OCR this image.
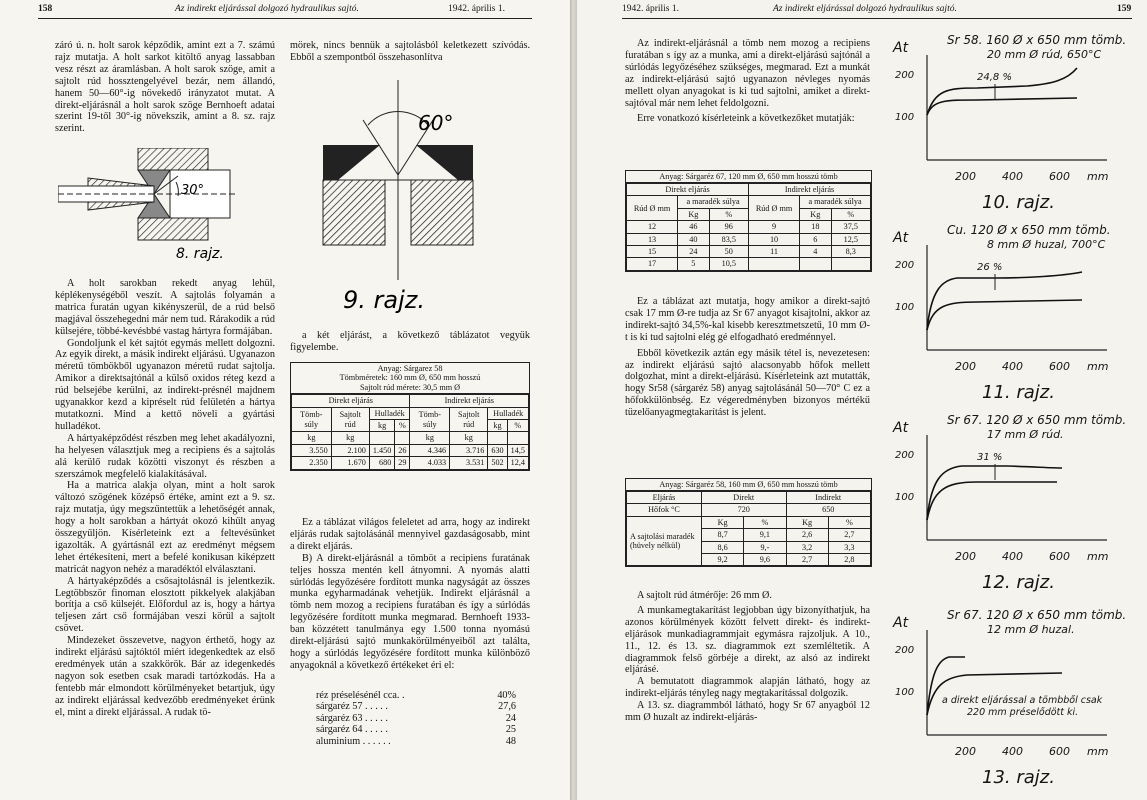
158	Az indirekt eljárással dolgozó hydraulikus sajtó.	1942. április 1.

záró ú. n. holt sarok képződik, amint ezt a 7. számú rajz mutatja. A holt sarkot kitöltő anyag lassabban vesz részt az áramlásban. A holt sarok szöge, amit a sajtolt rúd hossztengelyével bezár, nem állandó, hanem 50—60°-ig növekedő irányzatot mutat. A direkt-eljárásnál a holt sarok szöge Bernhoeft adatai szerint 19-től 30°-ig növekszik, amint a 8. sz. rajz szerint.

30°
8. rajz.

A holt sarokban rekedt anyag lehül, képlékenységéből veszít. A sajtolás folyamán a matrica furatán ugyan kikényszerül, de a rúd belső magjával összehegedni már nem tud. Rárakodik a rúd külsejére, többé-kevésbbé vastag hártyra formájában.

Gondoljunk el két sajtót egymás mellett dolgozni. Az egyik direkt, a másik indirekt eljárású. Ugyanazon méretű tömbökből ugyanazon méretű rudat sajtolja. Amikor a direktsajtónál a külső oxidos réteg kezd a rúd belsejébe kerülni, az indirekt-présnél majdnem ugyanakkor kezd a kipréselt rúd felületén a hártya mutatkozni. Mind a kettő növeli a gyártási hulladékot.

A hártyaképződést részben meg lehet akadályozni, ha helyesen választjuk meg a recipiens és a sajtolás alá kerülő rudak közötti viszonyt és részben a szerszámok megfelelő kialakításával.

Ha a matrica alakja olyan, mint a holt sarok változó szögének középső értéke, amint ezt a 9. sz. rajz mutatja, úgy megszűntettük a lehetőségét annak, hogy a holt sarokban a hártyát okozó kihűlt anyag összegyűljön. Kísérleteink ezt a feltevésünket igazolták. A gyártásnál ezt az eredményt mégsem lehet értékesíteni, mert a befelé konikusan kiképzett matricát nagyon nehéz a maradéktól elválasztani.

A hártyaképződés a csősajtolásnál is jelentkezik. Legtöbbször finoman elosztott pikkelyek alakjában borítja a cső külsejét. Előfordul az is, hogy a hártya teljesen zárt cső formájában veszi körül a sajtolt csövet.

Mindezeket összevetve, nagyon érthető, hogy az indirekt eljárású sajtóktól miért idegenkedtek az első eredmények után a szakkörök. Bár az idegenkedés nagyon sok esetben csak maradi tartózkodás. Ha a fentebb már elmondott körülményeket betartjuk, úgy az indirekt eljárással kedvezőbb eredményeket érünk el, mint a direkt eljárással. A rudak tö-

mörek, nincs bennük a sajtolásból keletkezett szívódás. Ebből a szempontból összehasonlítva

60°
9. rajz.

a két eljárást, a következő táblázatot vegyük figyelembe.

Anyag: Sárgarez 58
Tömbméretek: 160 mm Ø, 650 mm hosszú
Sajtolt rúd mérete: 30,5 mm Ø
Direkt eljárás				Indirekt eljárás			
Tömb-súly	Sajtolt rúd	Hulladék		Tömb-súly	Sajtolt rúd	Hulladék	
		kg	%			kg	%
kg	kg			kg	kg		
3.550	2.100	1.450	26	4.346	3.716	630	14,5
2.350	1.670	680	29	4.033	3.531	502	12,4

Ez a táblázat világos feleletet ad arra, hogy az indirekt eljárás rudak sajtolásánál mennyivel gazdaságosabb, mint a direkt eljárás.

B) A direkt-eljárásnál a tömböt a recipiens furatának teljes hossza mentén kell átnyomni. A nyomás alatti súrlódás legyőzésére fordított munka nagyságát az összes munka egyharmadának vehetjük. Indirekt eljárásnál a tömb nem mozog a recipiens furatában és így a súrlódás legyőzésére fordított munka megmarad. Bernhoeft 1933-ban közzétett tanulmánya egy 1.500 tonna nyomású direkt-eljárású sajtó munkakörülményeiből azt találta, hogy a súrlódás legyőzésére fordított munka különböző anyagoknál a következő értékeket éri el:

réz préselésénél cca. .	40%
sárgaréz 57 . . . . .	27,6
sárgaréz 63 . . . . .	24
sárgaréz 64 . . . . .	25
aluminium . . . . . .	48
1942. április 1.	Az indirekt eljárással dolgozó hydraulikus sajtó.	159

Az indirekt-eljárásnál a tömb nem mozog a recipiens furatában s így az a munka, ami a direkt-eljárású sajtónál a súrlódás legyőzéséhez szükséges, megmarad. Ezt a munkát az indirekt-eljárású sajtó ugyanazon névleges nyomás mellett olyan anyagokat is ki tud sajtolni, amiket a direkt-sajtóval már nem lehet feldolgozni.

Erre vonatkozó kísérleteink a következőket mutatják:

Anyag: Sárgaréz 67, 120 mm Ø, 650 mm hosszú tömb
Direkt eljárás			Indirekt eljárás		
Rúd Ø mm	a maradék súlya		Rúd Ø mm	a maradék súlya	
	Kg	%		Kg	%
12	46	96	9	18	37,5
13	40	83,5	10	6	12,5
15	24	50	11	4	8,3
17	5	10,5			

Ez a táblázat azt mutatja, hogy amikor a direkt-sajtó csak 17 mm Ø-re tudja az Sr 67 anyagot kisajtolni, akkor az indirekt-sajtó 34,5%-kal kisebb keresztmetszetű, 10 mm Ø-t is ki tud sajtolni elég gé elfogadható eredménnyel.

Ebből következik aztán egy másik tétel is, nevezetesen: az indirekt eljárású sajtó alacsonyabb hőfok mellett dolgozhat, mint a direkt-eljárású. Kísérleteink azt mutatták, hogy Sr58 (sárgaréz 58) anyag sajtolásánál 50—70° C ez a hőfokkülönbség. Ez végeredményben bizonyos mértékű tüzelőanyagmegtakarítást is jelent.

Anyag: Sárgaréz 58, 160 mm Ø, 650 mm hosszú tömb
Eljárás	Direkt		Indirekt	
Hőfok °C	720		650	
A sajtolási maradék (hüvely nélkül)	Kg	%	Kg	%
	8,7	9,1	2,6	2,7
	8,6	9,-	3,2	3,3
	9,2	9,6	2,7	2,8

A sajtolt rúd átmérője: 26 mm Ø.

A munkamegtakarítást legjobban úgy bizonyíthatjuk, ha azonos körülmények között felvett direkt- és indirekt-eljárások munkadiagrammjait egymásra rajzoljuk. A 10., 11., 12. és 13. sz. diagrammok ezt szemléltetik. A diagrammok felső görbéje a direkt, az alsó az indirekt eljárásé.

A bemutatott diagrammok alapján látható, hogy az indirekt-eljárás tényleg nagy megtakarítással dolgozik.

A 13. sz. diagrammból látható, hogy Sr 67 anyagból 12 mm Ø huzalt az indirekt-eljárás-

Sr 58. 160 Ø x 650 mm tömb.
20 mm Ø rúd, 650°C
At
200
100
200 400 600 mm
24,8 %
10. rajz.
Cu. 120 Ø x 650 mm tömb.
8 mm Ø huzal, 700°C
At
200
100
200 400 600 mm
26 %
11. rajz.
Sr 67. 120 Ø x 650 mm tömb.
17 mm Ø rúd.
At
200
100
200 400 600 mm
31 %
12. rajz.
Sr 67. 120 Ø x 650 mm tömb.
12 mm Ø huzal.
At
200
100
200 400 600 mm
a direkt eljárással a tömbből csak
220 mm préselődött ki.
13. rajz.
